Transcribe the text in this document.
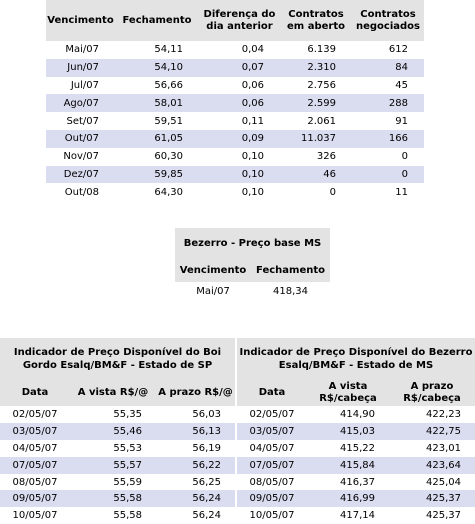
Vencimento	Fechamento	Diferença do dia anterior	Contratos em aberto	Contratos negociados
Mai/07	54,11	0,04	6.139	612
Jun/07	54,10	0,07	2.310	84
Jul/07	56,66	0,06	2.756	45
Ago/07	58,01	0,06	2.599	288
Set/07	59,51	0,11	2.061	91
Out/07	61,05	0,09	11.037	166
Nov/07	60,30	0,10	326	0
Dez/07	59,85	0,10	46	0
Out/08	64,30	0,10	0	11
Bezerro - Preço base MS	
Vencimento	Fechamento
Mai/07	418,34
Indicador de Preço Disponível do Boi Gordo Esalq/BM&F - Estado de SP			Indicador de Preço Disponível do Bezerro Esalq/BM&F - Estado de MS		
Data	A vista R$/@	A prazo R$/@	Data	A vista R$/cabeça	A prazo R$/cabeça
02/05/07	55,35	56,03	02/05/07	414,90	422,23
03/05/07	55,46	56,13	03/05/07	415,03	422,75
04/05/07	55,53	56,19	04/05/07	415,22	423,01
07/05/07	55,57	56,22	07/05/07	415,84	423,64
08/05/07	55,59	56,25	08/05/07	416,37	425,04
09/05/07	55,58	56,24	09/05/07	416,99	425,37
10/05/07	55,58	56,24	10/05/07	417,14	425,37
